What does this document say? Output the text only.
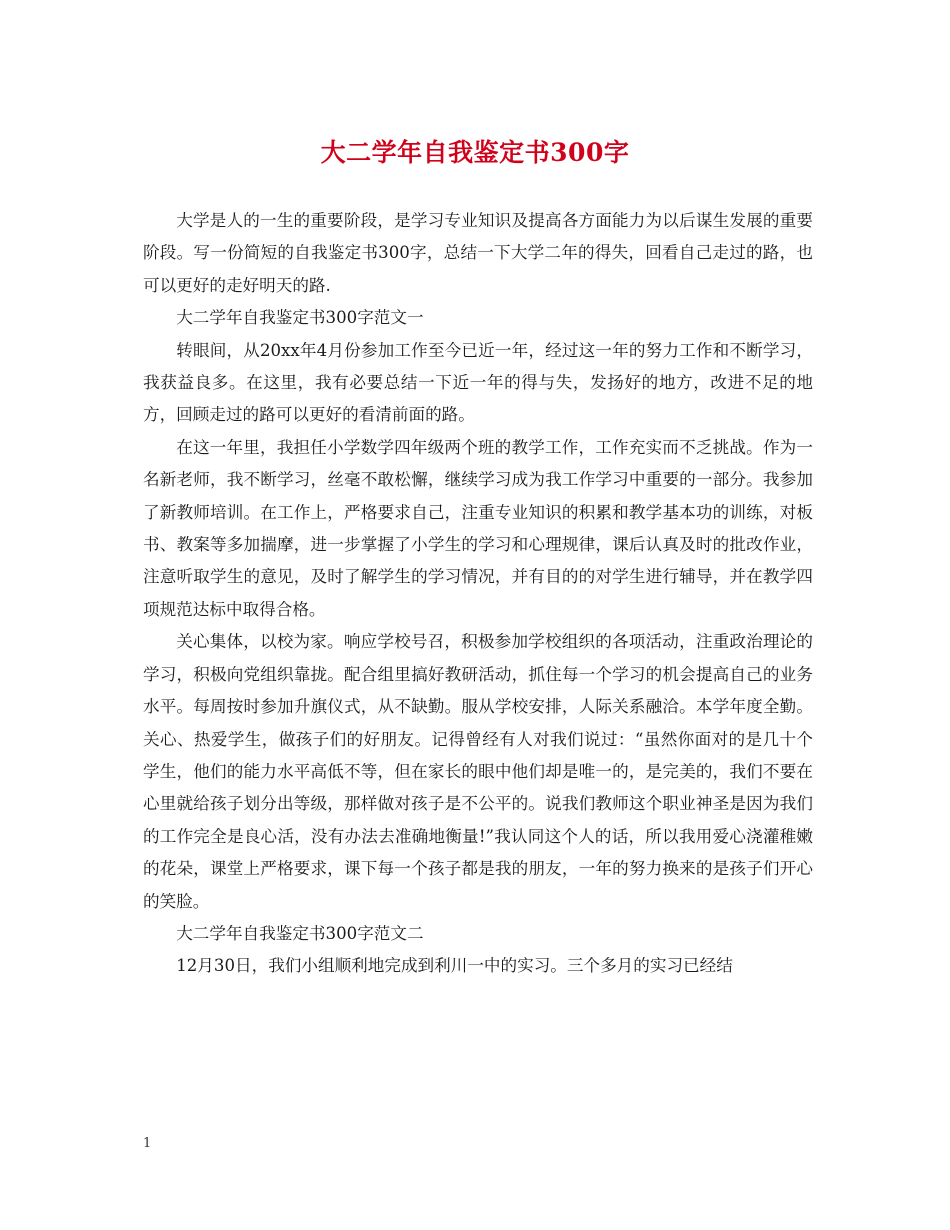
大二学年自我鉴定书300字

大学是人的一生的重要阶段，是学习专业知识及提高各方面能力为以后谋生发展的重要阶段。写一份简短的自我鉴定书300字，总结一下大学二年的得失，回看自己走过的路，也可以更好的走好明天的路.

大二学年自我鉴定书300字范文一

转眼间，从20xx年4月份参加工作至今已近一年，经过这一年的努力工作和不断学习，我获益良多。在这里，我有必要总结一下近一年的得与失，发扬好的地方，改进不足的地方，回顾走过的路可以更好的看清前面的路。

在这一年里，我担任小学数学四年级两个班的教学工作，工作充实而不乏挑战。作为一名新老师，我不断学习，丝毫不敢松懈，继续学习成为我工作学习中重要的一部分。我参加了新教师培训。在工作上，严格要求自己，注重专业知识的积累和教学基本功的训练，对板书、教案等多加揣摩，进一步掌握了小学生的学习和心理规律，课后认真及时的批改作业，注意听取学生的意见，及时了解学生的学习情况，并有目的的对学生进行辅导，并在教学四项规范达标中取得合格。

关心集体，以校为家。响应学校号召，积极参加学校组织的各项活动，注重政治理论的学习，积极向党组织靠拢。配合组里搞好教研活动，抓住每一个学习的机会提高自己的业务水平。每周按时参加升旗仪式，从不缺勤。服从学校安排，人际关系融洽。本学年度全勤。关心、热爱学生，做孩子们的好朋友。记得曾经有人对我们说过：“虽然你面对的是几十个学生，他们的能力水平高低不等，但在家长的眼中他们却是唯一的，是完美的，我们不要在心里就给孩子划分出等级，那样做对孩子是不公平的。说我们教师这个职业神圣是因为我们的工作完全是良心活，没有办法去准确地衡量!”我认同这个人的话，所以我用爱心浇灌稚嫩的花朵，课堂上严格要求，课下每一个孩子都是我的朋友，一年的努力换来的是孩子们开心的笑脸。

大二学年自我鉴定书300字范文二

12月30日，我们小组顺利地完成到利川一中的实习。三个多月的实习已经结

1
